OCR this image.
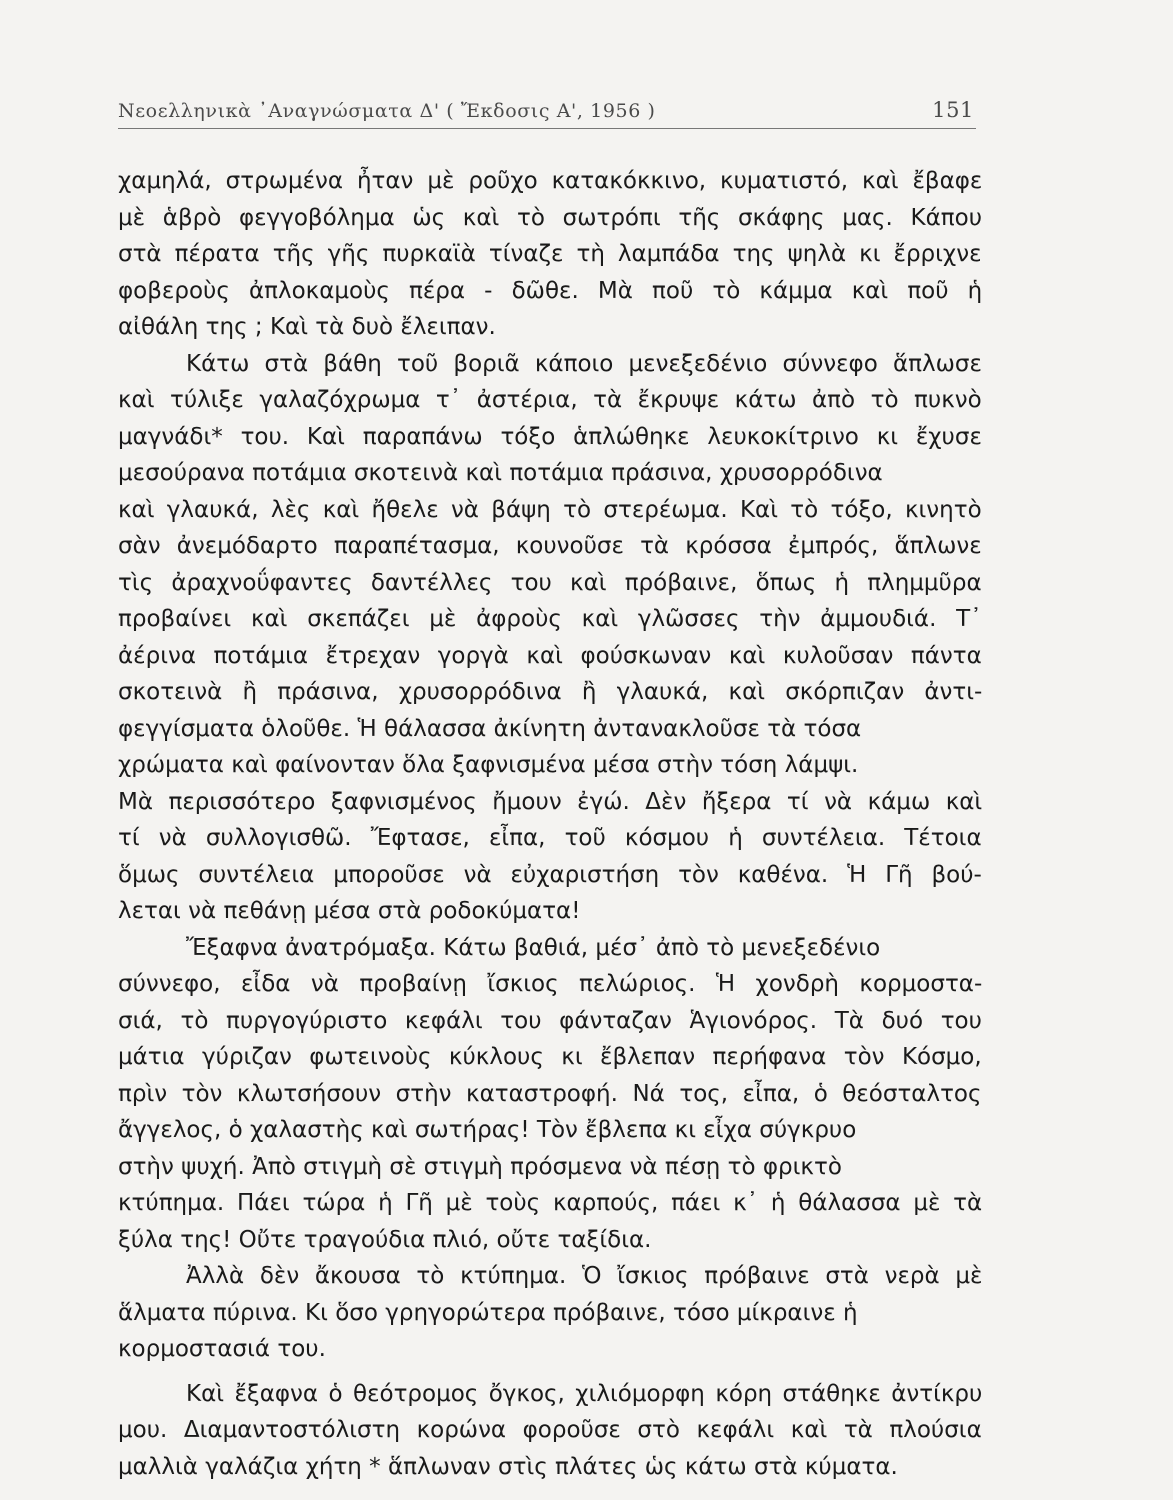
Νεοελληνικὰ ᾿Αναγνώσματα Δ' ( Ἔκδοσις Α', 1956 )	151
χαμηλά, στρωμένα ἦταν μὲ ροῦχο κατακόκκινο, κυματιστό, καὶ ἔβαφε
μὲ ἁβρὸ φεγγοβόλημα ὡς καὶ τὸ σωτρόπι τῆς σκάφης μας. Κάπου
στὰ πέρατα τῆς γῆς πυρκαϊὰ τίναζε τὴ λαμπάδα της ψηλὰ κι ἔρριχνε
φοβεροὺς ἀπλοκαμοὺς πέρα - δῶθε. Μὰ ποῦ τὸ κάμμα καὶ ποῦ ἡ
αἰθάλη της ; Καὶ τὰ δυὸ ἔλειπαν.
Κάτω στὰ βάθη τοῦ βοριᾶ κάποιο μενεξεδένιο σύννεφο ἅπλωσε
καὶ τύλιξε γαλαζόχρωμα τ᾿ ἀστέρια, τὰ ἔκρυψε κάτω ἀπὸ τὸ πυκνὸ
μαγνάδι* του. Καὶ παραπάνω τόξο ἁπλώθηκε λευκοκίτρινο κι ἔχυσε
μεσούρανα ποτάμια σκοτεινὰ καὶ ποτάμια πράσινα, χρυσορρόδινα
καὶ γλαυκά, λὲς καὶ ἤθελε νὰ βάψη τὸ στερέωμα. Καὶ τὸ τόξο, κινητὸ
σὰν ἀνεμόδαρτο παραπέτασμα, κουνοῦσε τὰ κρόσσα ἐμπρός, ἅπλωνε
τὶς ἀραχνοΰφαντες δαντέλλες του καὶ πρόβαινε, ὅπως ἡ πλημμῦρα
προβαίνει καὶ σκεπάζει μὲ ἀφροὺς καὶ γλῶσσες τὴν ἀμμουδιά. Τ᾿
ἀέρινα ποτάμια ἔτρεχαν γοργὰ καὶ φούσκωναν καὶ κυλοῦσαν πάντα
σκοτεινὰ ἢ πράσινα, χρυσορρόδινα ἢ γλαυκά, καὶ σκόρπιζαν ἀντι-
φεγγίσματα ὁλοῦθε. Ἡ θάλασσα ἀκίνητη ἀντανακλοῦσε τὰ τόσα
χρώματα καὶ φαίνονταν ὅλα ξαφνισμένα μέσα στὴν τόση λάμψι.
Μὰ περισσότερο ξαφνισμένος ἤμουν ἐγώ. Δὲν ἤξερα τί νὰ κάμω καὶ
τί νὰ συλλογισθῶ. Ἔφτασε, εἶπα, τοῦ κόσμου ἡ συντέλεια. Τέτοια
ὅμως συντέλεια μποροῦσε νὰ εὐχαριστήση τὸν καθένα. Ἡ Γῆ βού-
λεται νὰ πεθάνῃ μέσα στὰ ροδοκύματα!
Ἔξαφνα ἀνατρόμαξα. Κάτω βαθιά, μέσ᾿ ἀπὸ τὸ μενεξεδένιο
σύννεφο, εἶδα νὰ προβαίνῃ ἴσκιος πελώριος. Ἡ χονδρὴ κορμοστα-
σιά, τὸ πυργογύριστο κεφάλι του φάνταζαν Ἁγιονόρος. Τὰ δυό του
μάτια γύριζαν φωτεινοὺς κύκλους κι ἔβλεπαν περήφανα τὸν Κόσμο,
πρὶν τὸν κλωτσήσουν στὴν καταστροφή. Νά τος, εἶπα, ὁ θεόσταλτος
ἄγγελος, ὁ χαλαστὴς καὶ σωτήρας! Τὸν ἔβλεπα κι εἶχα σύγκρυο
στὴν ψυχή. Ἀπὸ στιγμὴ σὲ στιγμὴ πρόσμενα νὰ πέσῃ τὸ φρικτὸ
κτύπημα. Πάει τώρα ἡ Γῆ μὲ τοὺς καρπούς, πάει κ᾿ ἡ θάλασσα μὲ τὰ
ξύλα της! Οὔτε τραγούδια πλιό, οὔτε ταξίδια.
Ἀλλὰ δὲν ἄκουσα τὸ κτύπημα. Ὁ ἴσκιος πρόβαινε στὰ νερὰ μὲ
ἅλματα πύρινα. Κι ὅσο γρηγορώτερα πρόβαινε, τόσο μίκραινε ἡ
κορμοστασιά του.
Καὶ ἔξαφνα ὁ θεότρομος ὄγκος, χιλιόμορφη κόρη στάθηκε ἀντίκρυ
μου. Διαμαντοστόλιστη κορώνα φοροῦσε στὸ κεφάλι καὶ τὰ πλούσια
μαλλιὰ γαλάζια χήτη * ἅπλωναν στὶς πλάτες ὡς κάτω στὰ κύματα.
